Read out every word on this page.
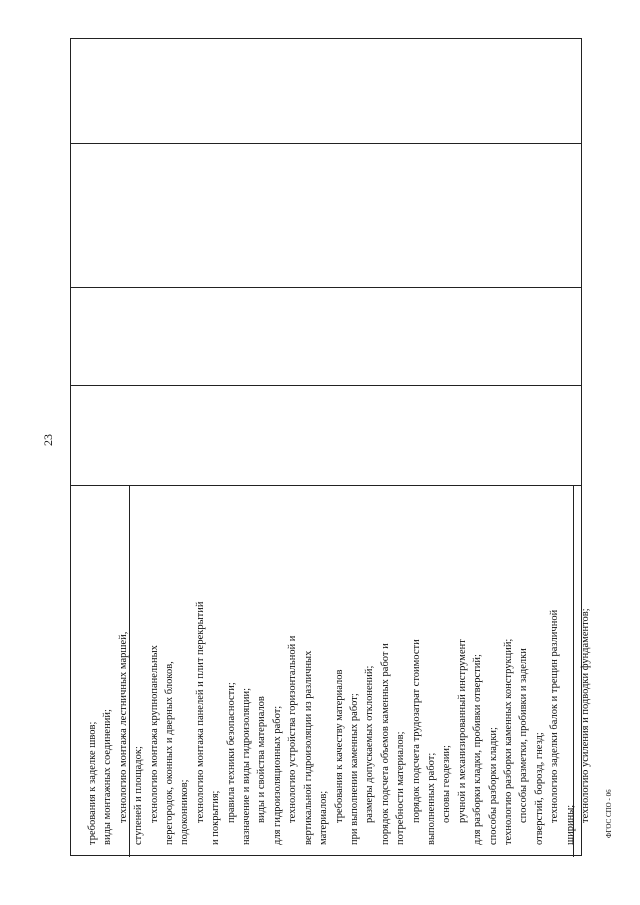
23
требования к заделке швов; виды монтажных соединений; технологию монтажа лестничных маршей, ступеней и площадок; технологию монтажа крупнопанельных перегородок, оконных и дверных блоков, подоконников; технологию монтажа панелей и плит перекрытий и покрытия; правила техники безопасности; назначение и виды гидроизоляции; виды и свойства материалов для гидроизоляционных работ; технологию устройства горизонтальной и вертикальной гидроизоляции из различных материалов; требования к качеству материалов при выполнении каменных работ; размеры допускаемых отклонений; порядок подсчета объемов каменных работ и потребности материалов; порядок подсчета трудозатрат стоимости выполненных работ; основы геодезии; ручной и механизированный инструмент для разборки кладки, пробивки отверстий; способы разборки кладки; технологию разборки каменных конструкций; способы разметки, пробивки и заделки отверстий, борозд, гнезд; технологию заделки балок и трещин различной
ширины;
технологию усиления и подводки фундаментов;	ФГОС СПО - 06
